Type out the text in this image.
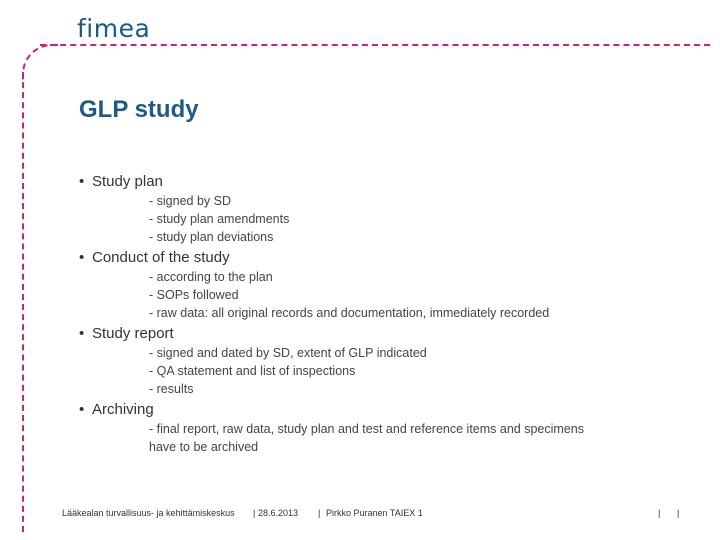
fimea
GLP study
• Study plan
- signed by SD
- study plan amendments
- study plan deviations
• Conduct of the study
- according to the plan
- SOPs followed
- raw data: all original records and documentation, immediately recorded
• Study report
- signed and dated by SD, extent of GLP indicated
- QA statement and list of inspections
- results
• Archiving
- final report, raw data, study plan and test and reference items and specimens
have to be archived
Lääkealan turvallisuus- ja kehittämiskeskus | 28.6.2013 | Pirkko Puranen TAIEX 1	| |
